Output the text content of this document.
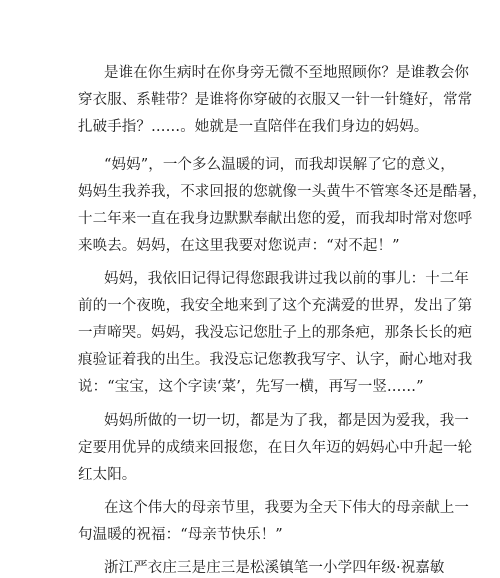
是谁在你生病时在你身旁无微不至地照顾你？是谁教会你

穿衣服、系鞋带？是谁将你穿破的衣服又一针一针缝好，常常

扎破手指？……。她就是一直陪伴在我们身边的妈妈。

“妈妈”，一个多么温暖的词，而我却误解了它的意义，

妈妈生我养我，不求回报的您就像一头黄牛不管寒冬还是酷暑，

十二年来一直在我身边默默奉献出您的爱，而我却时常对您呼

来唤去。妈妈，在这里我要对您说声：“对不起！”

妈妈，我依旧记得记得您跟我讲过我以前的事儿：十二年

前的一个夜晚，我安全地来到了这个充满爱的世界，发出了第

一声啼哭。妈妈，我没忘记您肚子上的那条疤，那条长长的疤

痕验证着我的出生。我没忘记您教我写字、认字，耐心地对我

说：“宝宝，这个字读‘菜’，先写一横，再写一竖……”

妈妈所做的一切一切，都是为了我，都是因为爱我，我一

定要用优异的成绩来回报您，在日久年迈的妈妈心中升起一轮

红太阳。

在这个伟大的母亲节里，我要为全天下伟大的母亲献上一

句温暖的祝福：“母亲节快乐！”

浙江严衣庄三是庄三是松溪镇笔一小学四年级·祝嘉敏
